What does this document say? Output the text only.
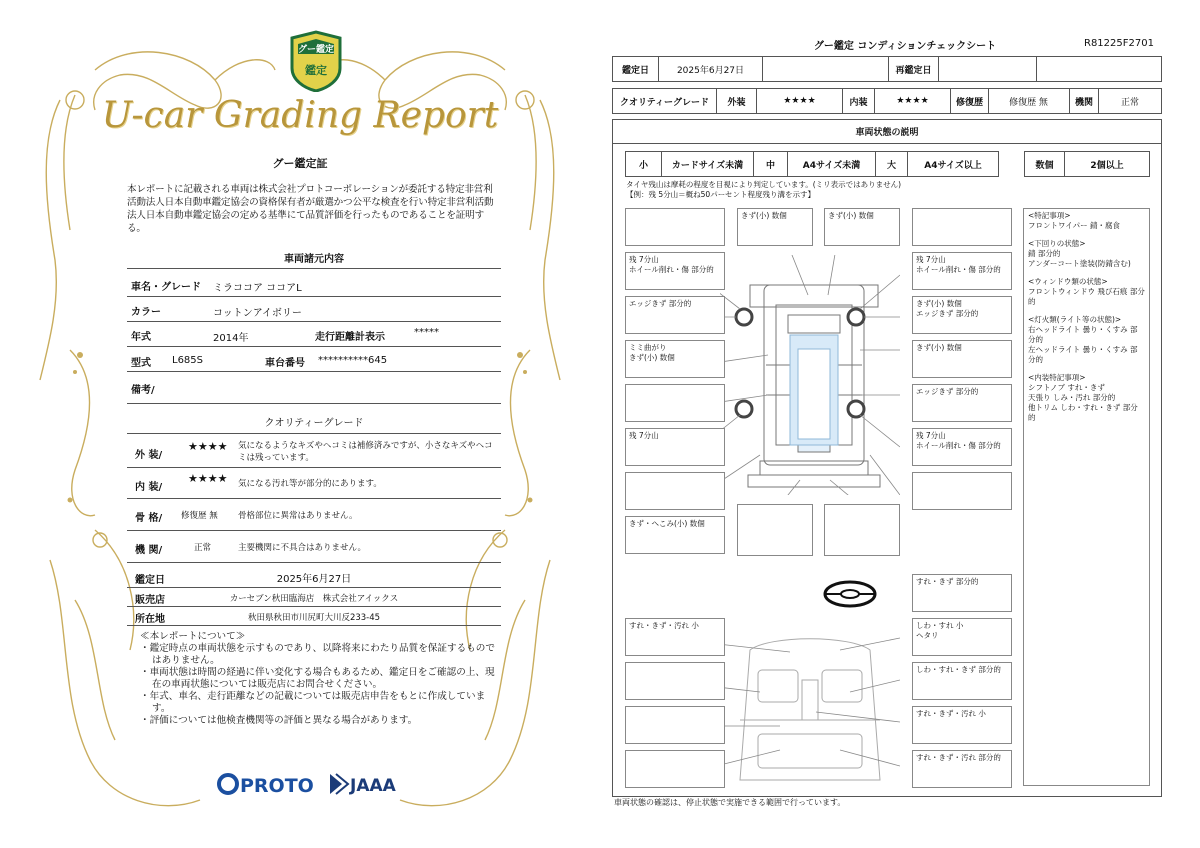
グー鑑定
鑑定
U-car Grading Report
グー鑑定証
本レポートに記載される車両は株式会社プロトコーポレーションが委託する特定非営利活動法人日本自動車鑑定協会の資格保有者が厳選かつ公平な検査を行い特定非営利活動法人日本自動車鑑定協会の定める基準にて品質評価を行ったものであることを証明する。
車両諸元内容
車名・グレード ミラココア ココアL
カラー	コットンアイボリー
年式	2014年	走行距離計表示	*****
型式 L685S	車台番号 **********645
備考/
クオリティーグレード
外 装/
★★★★ 気になるようなキズやヘコミは補修済みですが、小さなキズやヘコミは残っています。
内 装/
★★★★ 気になる汚れ等が部分的にあります。
骨 格/ 修復歴 無 骨格部位に異常はありません。
機 関/	正常	主要機関に不具合はありません。
鑑定日	2025年6月27日
販売店	カーセブン秋田臨海店　株式会社アイックス
所在地	秋田県秋田市川尻町大川反233-45
≪本レポートについて≫
・鑑定時点の車両状態を示すものであり、以降将来にわたり品質を保証するものではありません。
・車両状態は時間の経過に伴い変化する場合もあるため、鑑定日をご確認の上、現在の車両状態については販売店にお問合せください。
・年式、車名、走行距離などの記載については販売店申告をもとに作成しています。
・評価については他検査機関等の評価と異なる場合があります。
PROTO JAAA
グー鑑定 コンディションチェックシート	R81225F2701
鑑定日	2025年6月27日	再鑑定日
クオリティーグレード	外装	★★★★	内装	★★★★	修復歴	修復歴 無	機関	正常
車両状態の説明
小	カードサイズ未満	中	A4サイズ未満	大	A4サイズ以上	数個	2個以上
タイヤ残山は摩耗の程度を目視により判定しています。(ミリ表示ではありません)
【例：残 5分山＝概ね50パーセント程度残り溝を示す】
きず(小) 数個	きず(小) 数個
残 7分山
ホイール削れ・傷 部分的
エッジきず 部分的
ミミ曲がり
きず(小) 数個
残 7分山
きず・へこみ(小) 数個
残 7分山
ホイール削れ・傷 部分的
きず(小) 数個
エッジきず 部分的
きず(小) 数個
エッジきず 部分的
残 7分山
ホイール削れ・傷 部分的
<特記事項>
フロントワイパー 錆・腐食
<下回りの状態>
錆 部分的
アンダーコート塗装(防錆含む)
<ウィンドウ類の状態>
フロントウィンドウ 飛び石痕 部分的
<灯火類(ライト等の状態)>
右ヘッドライト 曇り・くすみ 部分的
左ヘッドライト 曇り・くすみ 部分的
<内装特記事項>
シフトノブ すれ・きず
天張り しみ・汚れ 部分的
他トリム しわ・すれ・きず 部分的
すれ・きず 部分的
すれ・きず・汚れ 小	しわ・すれ 小
ヘタリ
しわ・すれ・きず 部分的
すれ・きず・汚れ 小
すれ・きず・汚れ 部分的
車両状態の確認は、停止状態で実施できる範囲で行っています。
